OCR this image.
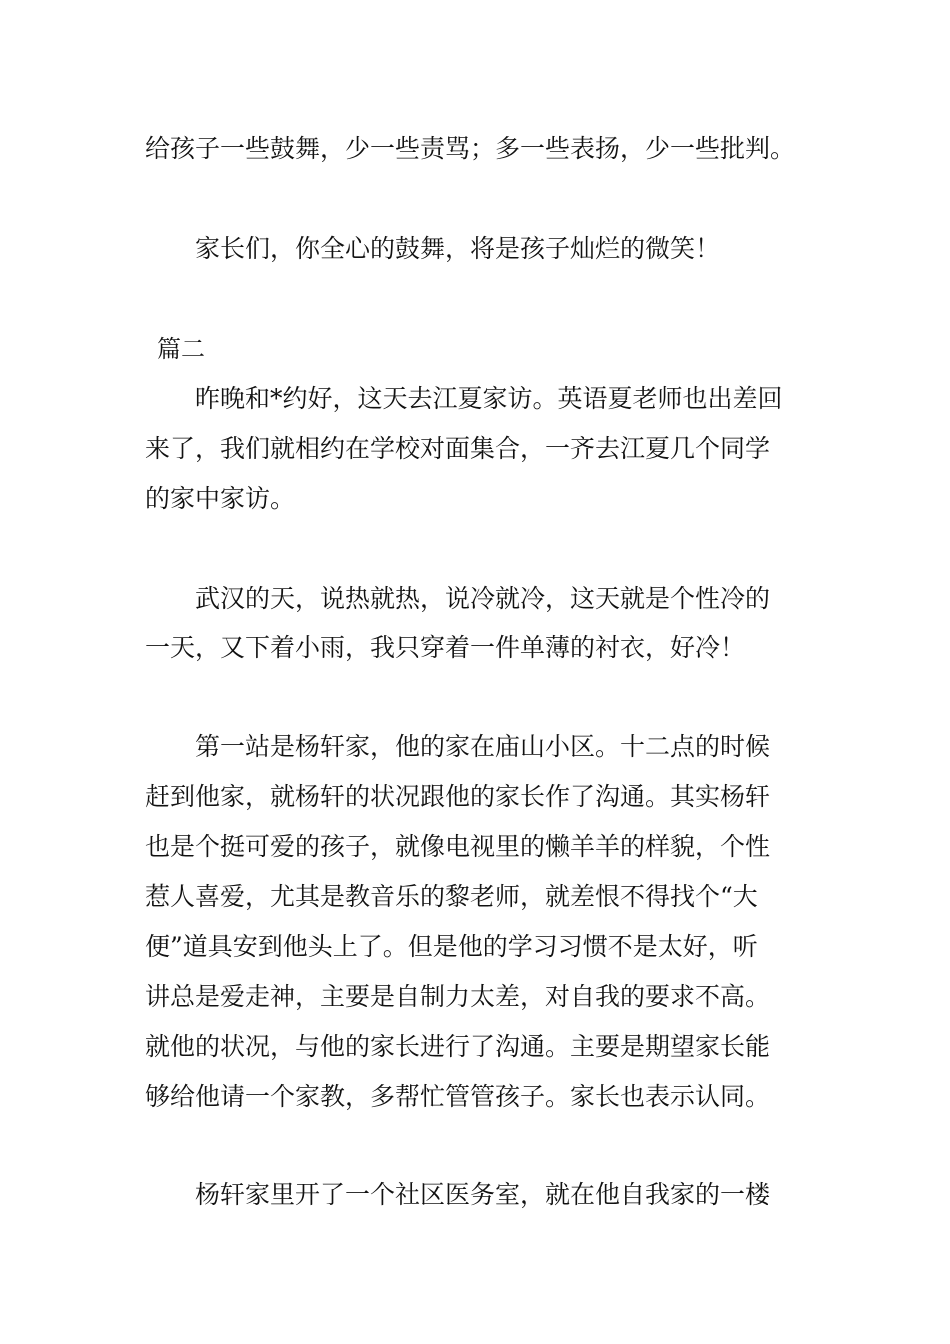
给孩子一些鼓舞，少一些责骂；多一些表扬，少一些批判。
　　家长们，你全心的鼓舞，将是孩子灿烂的微笑！
篇二
　　昨晚和*约好，这天去江夏家访。英语夏老师也出差回
来了，我们就相约在学校对面集合，一齐去江夏几个同学
的家中家访。
　　武汉的天，说热就热，说冷就冷，这天就是个性冷的
一天，又下着小雨，我只穿着一件单薄的衬衣，好冷！
　　第一站是杨轩家，他的家在庙山小区。十二点的时候
赶到他家，就杨轩的状况跟他的家长作了沟通。其实杨轩
也是个挺可爱的孩子，就像电视里的懒羊羊的样貌，个性
惹人喜爱，尤其是教音乐的黎老师，就差恨不得找个“大
便”道具安到他头上了。但是他的学习习惯不是太好，听
讲总是爱走神，主要是自制力太差，对自我的要求不高。
就他的状况，与他的家长进行了沟通。主要是期望家长能
够给他请一个家教，多帮忙管管孩子。家长也表示认同。
　　杨轩家里开了一个社区医务室，就在他自我家的一楼
